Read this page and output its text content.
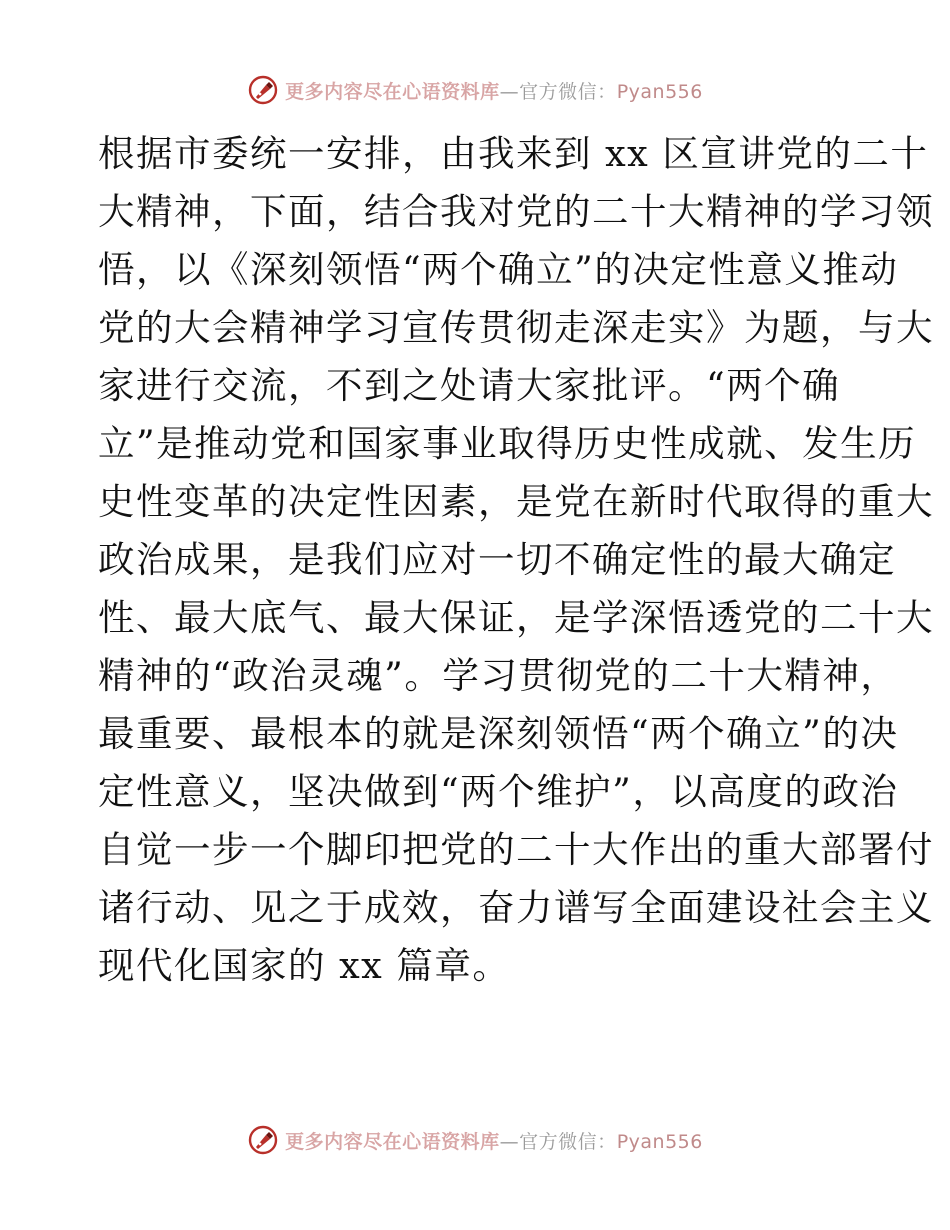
更多内容尽在心语资料库—官方微信：Pyan556
根据市委统一安排，由我来到 xx 区宣讲党的二十
大精神，下面，结合我对党的二十大精神的学习领
悟，以《深刻领悟“两个确立”的决定性意义推动
党的大会精神学习宣传贯彻走深走实》为题，与大
家进行交流，不到之处请大家批评。“两个确
立”是推动党和国家事业取得历史性成就、发生历
史性变革的决定性因素，是党在新时代取得的重大
政治成果，是我们应对一切不确定性的最大确定
性、最大底气、最大保证，是学深悟透党的二十大
精神的“政治灵魂”。学习贯彻党的二十大精神，
最重要、最根本的就是深刻领悟“两个确立”的决
定性意义，坚决做到“两个维护”，以高度的政治
自觉一步一个脚印把党的二十大作出的重大部署付
诸行动、见之于成效，奋力谱写全面建设社会主义
现代化国家的 xx 篇章。
更多内容尽在心语资料库—官方微信：Pyan556
